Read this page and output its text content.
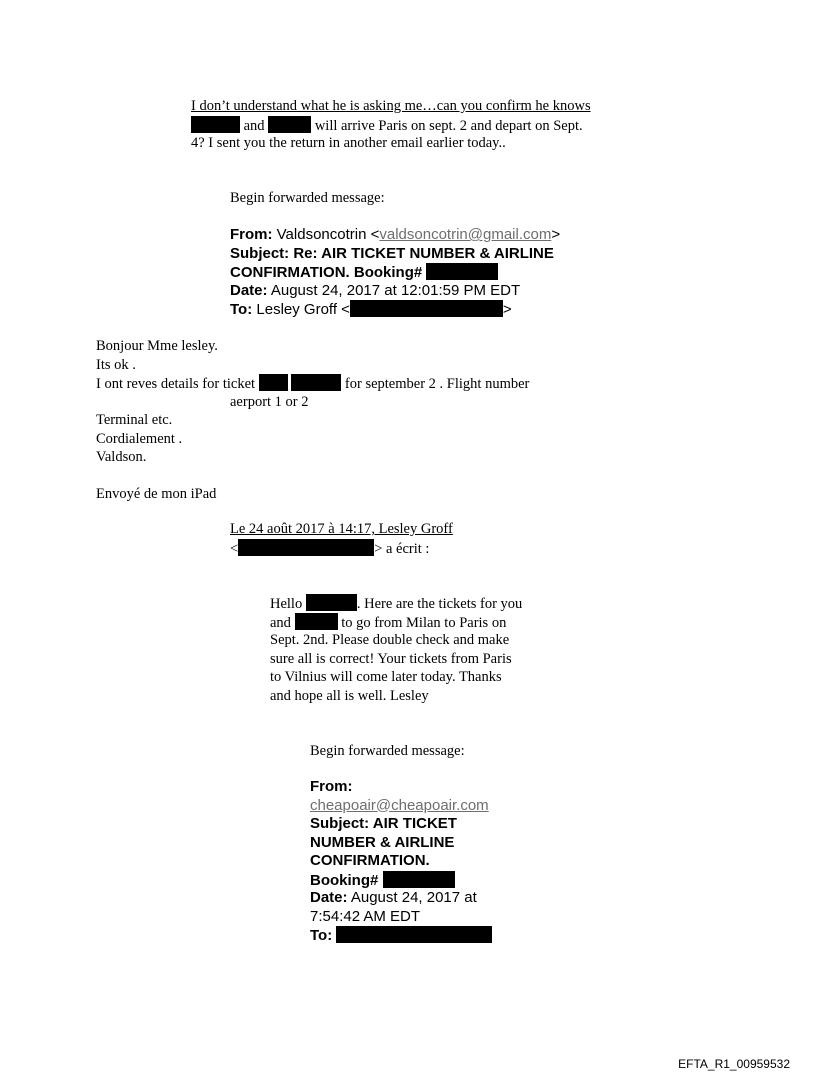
I don’t understand what he is asking me…can you confirm he knows
and	will arrive Paris on sept. 2 and depart on Sept.
4? I sent you the return in another email earlier today..
Begin forwarded message:
From: Valdsoncotrin <valdsoncotrin@gmail.com>
Subject: Re: AIR TICKET NUMBER & AIRLINE
CONFIRMATION. Booking#
Date: August 24, 2017 at 12:01:59 PM EDT
To: Lesley Groff <	>
Bonjour Mme lesley.
Its ok .
I ont reves details for ticket	for september 2 . Flight number
aerport 1 or 2
Terminal etc.
Cordialement .
Valdson.
Envoyé de mon iPad
Le 24 août 2017 à 14:17, Lesley Groff
<	> a écrit :
Hello	. Here are the tickets for you
and	to go from Milan to Paris on
Sept. 2nd. Please double check and make
sure all is correct! Your tickets from Paris
to Vilnius will come later today. Thanks
and hope all is well. Lesley
Begin forwarded message:
From:
cheapoair@cheapoair.com
Subject: AIR TICKET
NUMBER & AIRLINE
CONFIRMATION.
Booking#
Date: August 24, 2017 at
7:54:42 AM EDT
To:
EFTA_R1_00959532
